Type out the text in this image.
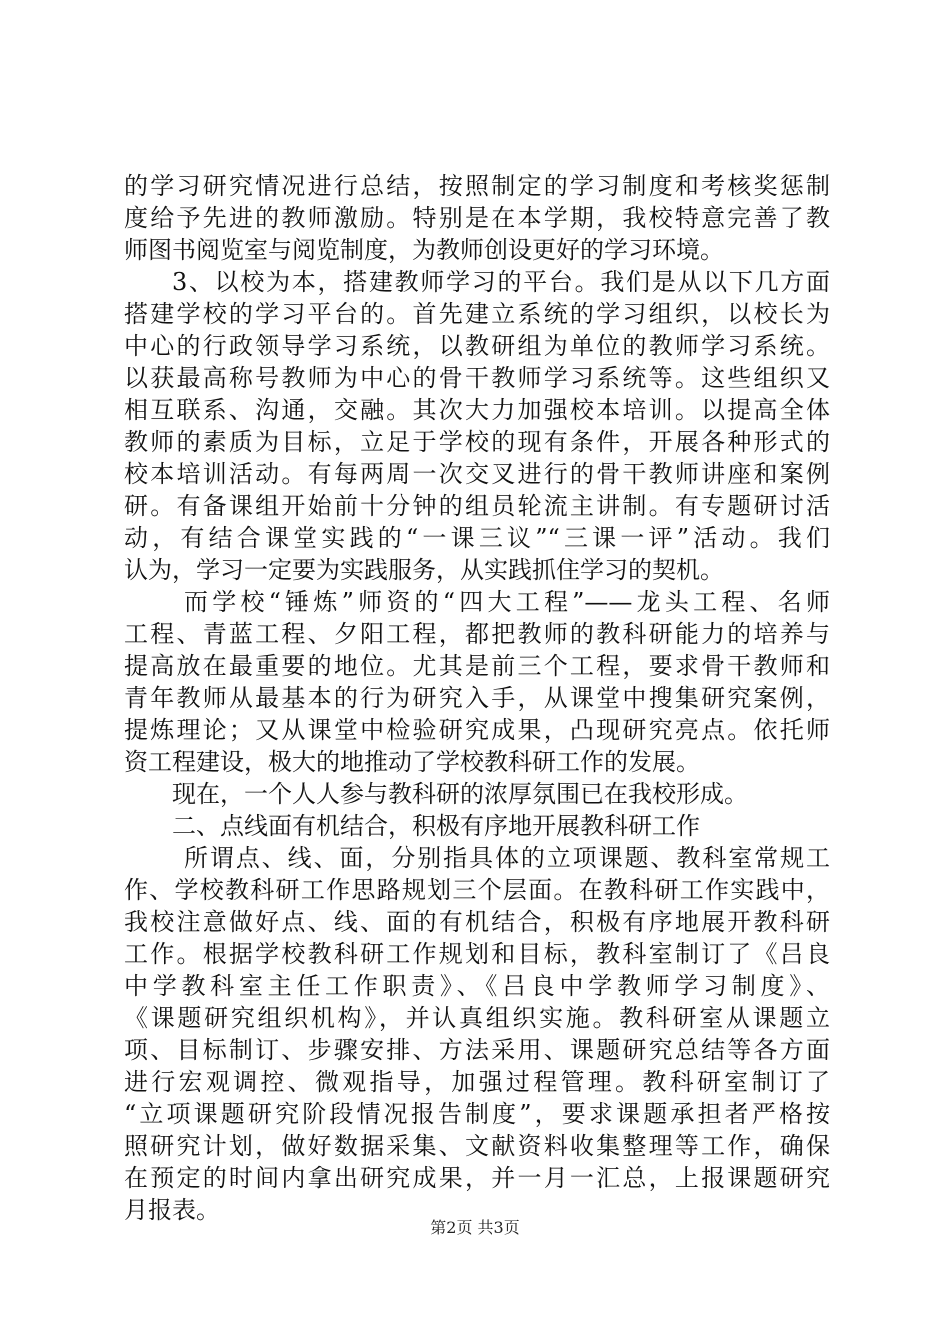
的学习研究情况进行总结，按照制定的学习制度和考核奖惩制
度给予先进的教师激励。特别是在本学期，我校特意完善了教
师图书阅览室与阅览制度，为教师创设更好的学习环境。
3、以校为本，搭建教师学习的平台。我们是从以下几方面
搭建学校的学习平台的。首先建立系统的学习组织，以校长为
中心的行政领导学习系统，以教研组为单位的教师学习系统。
以获最高称号教师为中心的骨干教师学习系统等。这些组织又
相互联系、沟通，交融。其次大力加强校本培训。以提高全体
教师的素质为目标，立足于学校的现有条件，开展各种形式的
校本培训活动。有每两周一次交叉进行的骨干教师讲座和案例
研。有备课组开始前十分钟的组员轮流主讲制。有专题研讨活
动，有结合课堂实践的“一课三议”“三课一评”活动。我们
认为，学习一定要为实践服务，从实践抓住学习的契机。
而学校“锤炼”师资的“四大工程”——龙头工程、名师
工程、青蓝工程、夕阳工程，都把教师的教科研能力的培养与
提高放在最重要的地位。尤其是前三个工程，要求骨干教师和
青年教师从最基本的行为研究入手，从课堂中搜集研究案例，
提炼理论；又从课堂中检验研究成果，凸现研究亮点。依托师
资工程建设，极大的地推动了学校教科研工作的发展。
现在，一个人人参与教科研的浓厚氛围已在我校形成。
二、点线面有机结合，积极有序地开展教科研工作
所谓点、线、面，分别指具体的立项课题、教科室常规工
作、学校教科研工作思路规划三个层面。在教科研工作实践中，
我校注意做好点、线、面的有机结合，积极有序地展开教科研
工作。根据学校教科研工作规划和目标，教科室制订了《吕良
中学教科室主任工作职责》、《吕良中学教师学习制度》、
《课题研究组织机构》，并认真组织实施。教科研室从课题立
项、目标制订、步骤安排、方法采用、课题研究总结等各方面
进行宏观调控、微观指导，加强过程管理。教科研室制订了
“立项课题研究阶段情况报告制度”，要求课题承担者严格按
照研究计划，做好数据采集、文献资料收集整理等工作，确保
在预定的时间内拿出研究成果，并一月一汇总，上报课题研究
月报表。
第2页 共3页
